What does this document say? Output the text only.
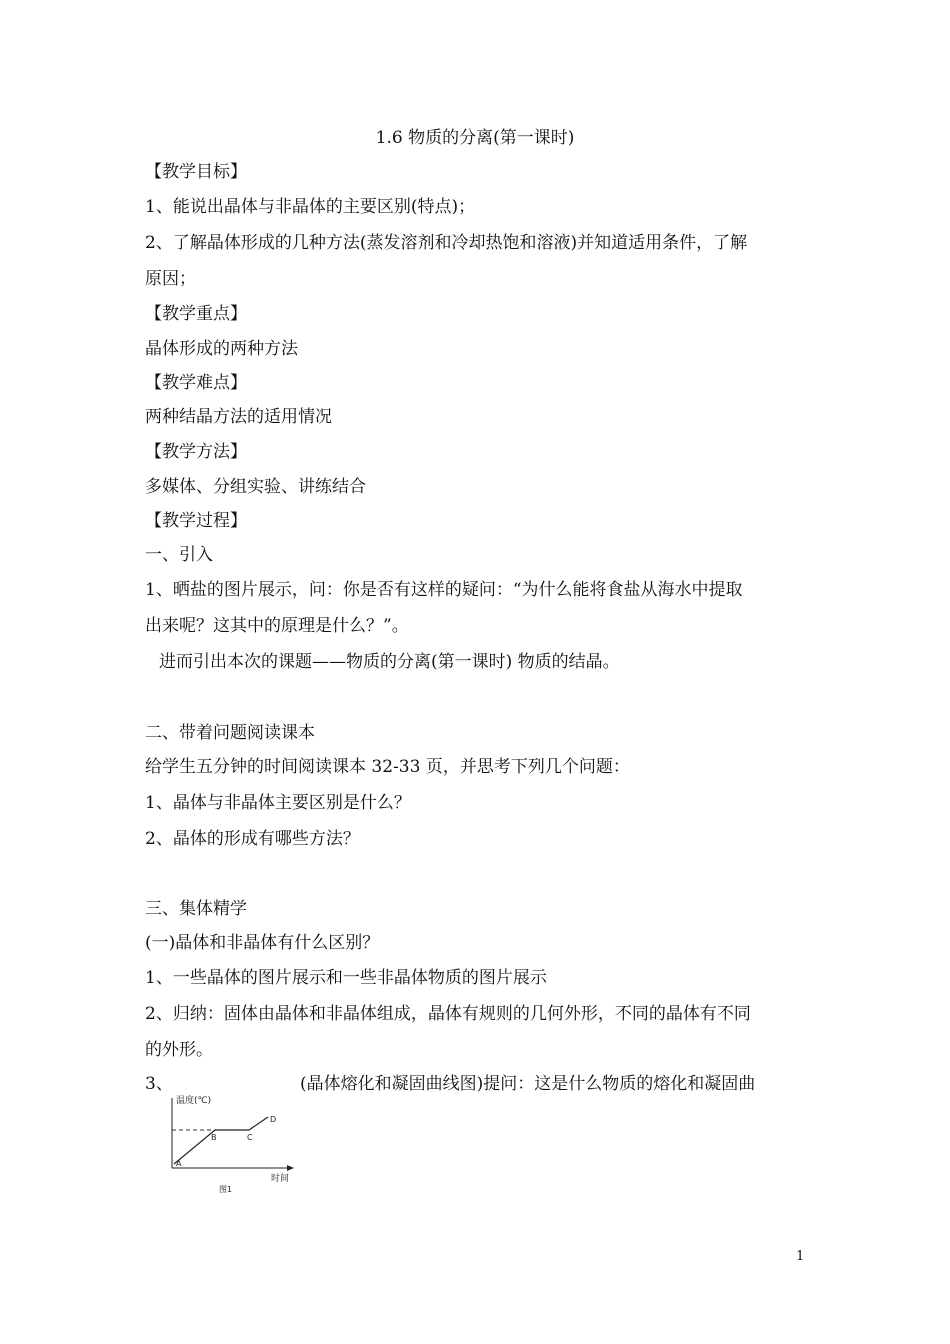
1.6 物质的分离(第一课时)
【教学目标】
1、能说出晶体与非晶体的主要区别(特点)；
2、了解晶体形成的几种方法(蒸发溶剂和冷却热饱和溶液)并知道适用条件，了解
原因；
【教学重点】
晶体形成的两种方法
【教学难点】
两种结晶方法的适用情况
【教学方法】
多媒体、分组实验、讲练结合
【教学过程】
一、引入
1、晒盐的图片展示，问：你是否有这样的疑问：“为什么能将食盐从海水中提取
出来呢？这其中的原理是什么？”。
进而引出本次的课题——物质的分离(第一课时) 物质的结晶。
二、带着问题阅读课本
给学生五分钟的时间阅读课本 32-33 页，并思考下列几个问题：
1、晶体与非晶体主要区别是什么？
2、晶体的形成有哪些方法？
三、集体精学
(一)晶体和非晶体有什么区别？
1、一些晶体的图片展示和一些非晶体物质的图片展示
2、归纳：固体由晶体和非晶体组成，晶体有规则的几何外形，不同的晶体有不同
的外形。
3、	(晶体熔化和凝固曲线图)提问：这是什么物质的熔化和凝固曲
温度(℃)
时间
图1
A
B	C
D
1
